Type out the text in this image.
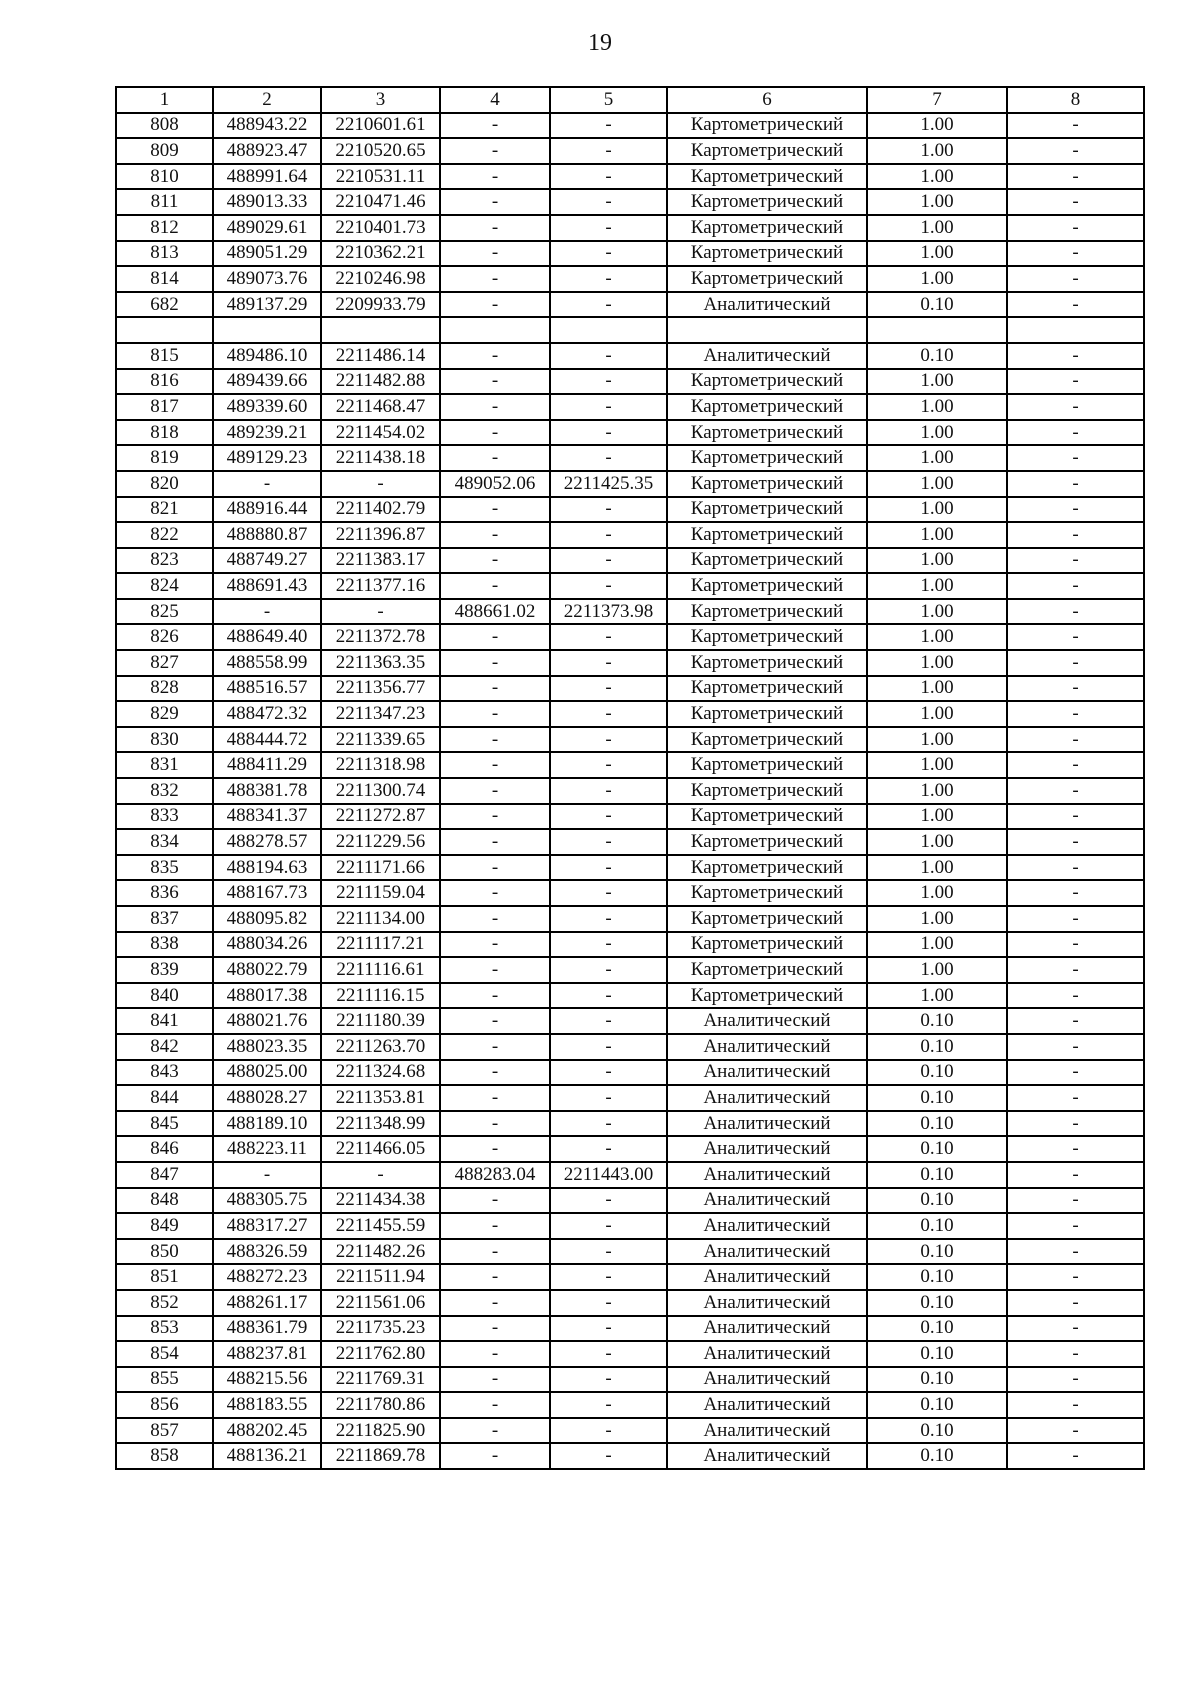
19
1	2	3	4	5	6	7	8
808	488943.22	2210601.61	-	-	Картометрический	1.00	-
809	488923.47	2210520.65	-	-	Картометрический	1.00	-
810	488991.64	2210531.11	-	-	Картометрический	1.00	-
811	489013.33	2210471.46	-	-	Картометрический	1.00	-
812	489029.61	2210401.73	-	-	Картометрический	1.00	-
813	489051.29	2210362.21	-	-	Картометрический	1.00	-
814	489073.76	2210246.98	-	-	Картометрический	1.00	-
682	489137.29	2209933.79	-	-	Аналитический	0.10	-

815	489486.10	2211486.14	-	-	Аналитический	0.10	-
816	489439.66	2211482.88	-	-	Картометрический	1.00	-
817	489339.60	2211468.47	-	-	Картометрический	1.00	-
818	489239.21	2211454.02	-	-	Картометрический	1.00	-
819	489129.23	2211438.18	-	-	Картометрический	1.00	-
820	-	-	489052.06	2211425.35	Картометрический	1.00	-
821	488916.44	2211402.79	-	-	Картометрический	1.00	-
822	488880.87	2211396.87	-	-	Картометрический	1.00	-
823	488749.27	2211383.17	-	-	Картометрический	1.00	-
824	488691.43	2211377.16	-	-	Картометрический	1.00	-
825	-	-	488661.02	2211373.98	Картометрический	1.00	-
826	488649.40	2211372.78	-	-	Картометрический	1.00	-
827	488558.99	2211363.35	-	-	Картометрический	1.00	-
828	488516.57	2211356.77	-	-	Картометрический	1.00	-
829	488472.32	2211347.23	-	-	Картометрический	1.00	-
830	488444.72	2211339.65	-	-	Картометрический	1.00	-
831	488411.29	2211318.98	-	-	Картометрический	1.00	-
832	488381.78	2211300.74	-	-	Картометрический	1.00	-
833	488341.37	2211272.87	-	-	Картометрический	1.00	-
834	488278.57	2211229.56	-	-	Картометрический	1.00	-
835	488194.63	2211171.66	-	-	Картометрический	1.00	-
836	488167.73	2211159.04	-	-	Картометрический	1.00	-
837	488095.82	2211134.00	-	-	Картометрический	1.00	-
838	488034.26	2211117.21	-	-	Картометрический	1.00	-
839	488022.79	2211116.61	-	-	Картометрический	1.00	-
840	488017.38	2211116.15	-	-	Картометрический	1.00	-
841	488021.76	2211180.39	-	-	Аналитический	0.10	-
842	488023.35	2211263.70	-	-	Аналитический	0.10	-
843	488025.00	2211324.68	-	-	Аналитический	0.10	-
844	488028.27	2211353.81	-	-	Аналитический	0.10	-
845	488189.10	2211348.99	-	-	Аналитический	0.10	-
846	488223.11	2211466.05	-	-	Аналитический	0.10	-
847	-	-	488283.04	2211443.00	Аналитический	0.10	-
848	488305.75	2211434.38	-	-	Аналитический	0.10	-
849	488317.27	2211455.59	-	-	Аналитический	0.10	-
850	488326.59	2211482.26	-	-	Аналитический	0.10	-
851	488272.23	2211511.94	-	-	Аналитический	0.10	-
852	488261.17	2211561.06	-	-	Аналитический	0.10	-
853	488361.79	2211735.23	-	-	Аналитический	0.10	-
854	488237.81	2211762.80	-	-	Аналитический	0.10	-
855	488215.56	2211769.31	-	-	Аналитический	0.10	-
856	488183.55	2211780.86	-	-	Аналитический	0.10	-
857	488202.45	2211825.90	-	-	Аналитический	0.10	-
858	488136.21	2211869.78	-	-	Аналитический	0.10	-
